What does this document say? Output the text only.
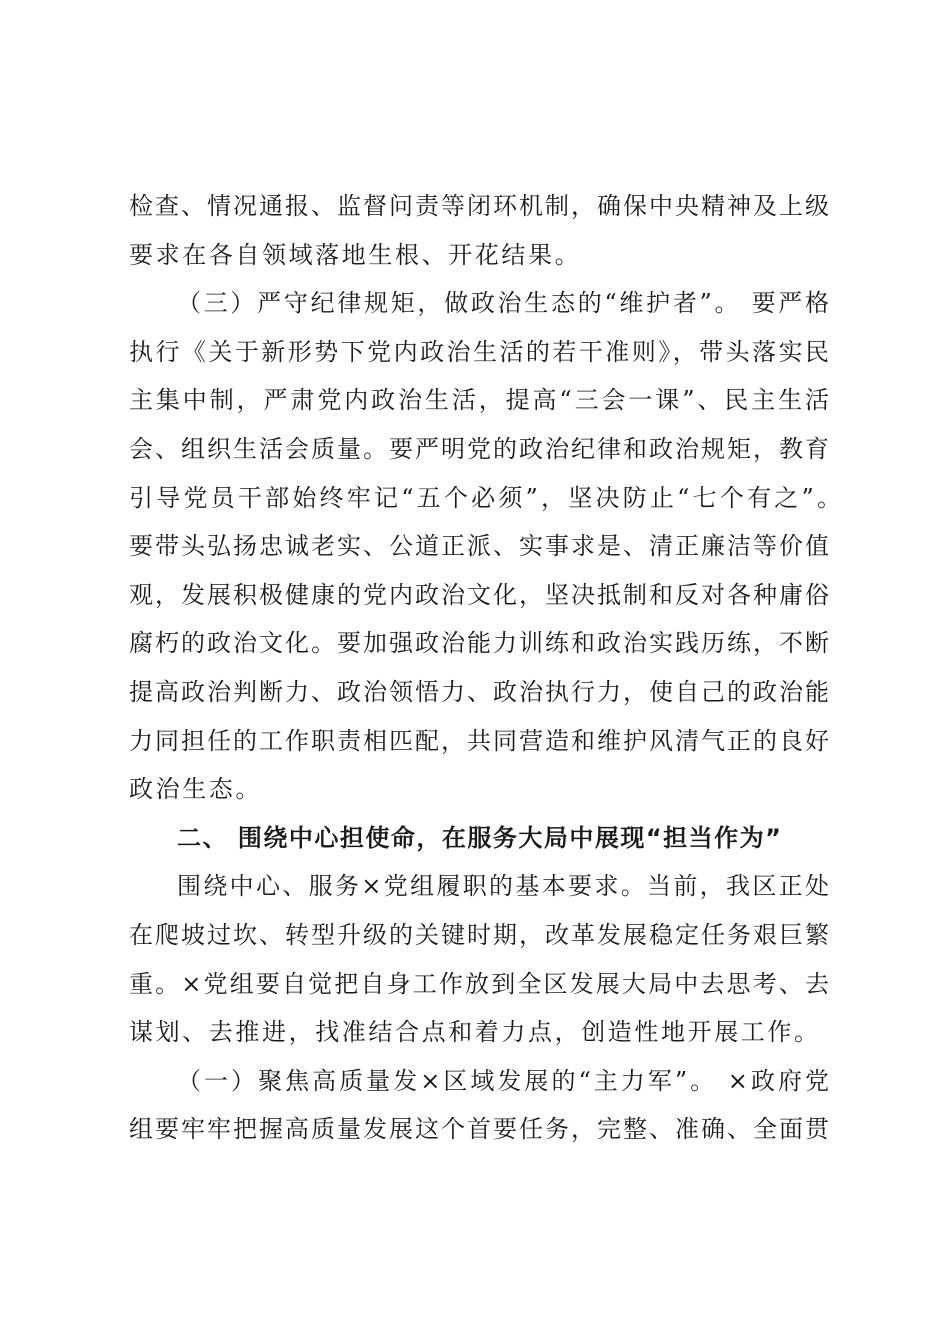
检查、情况通报、监督问责等闭环机制，确保中央精神及上级
要求在各自领域落地生根、开花结果。
（三）严守纪律规矩，做政治生态的“维护者”。 要严格
执行《关于新形势下党内政治生活的若干准则》，带头落实民
主集中制，严肃党内政治生活，提高“三会一课”、民主生活
会、组织生活会质量。要严明党的政治纪律和政治规矩，教育
引导党员干部始终牢记“五个必须”，坚决防止“七个有之”。
要带头弘扬忠诚老实、公道正派、实事求是、清正廉洁等价值
观，发展积极健康的党内政治文化，坚决抵制和反对各种庸俗
腐朽的政治文化。要加强政治能力训练和政治实践历练，不断
提高政治判断力、政治领悟力、政治执行力，使自己的政治能
力同担任的工作职责相匹配，共同营造和维护风清气正的良好
政治生态。
二、 围绕中心担使命，在服务大局中展现“担当作为”
围绕中心、服务×党组履职的基本要求。当前，我区正处
在爬坡过坎、转型升级的关键时期，改革发展稳定任务艰巨繁
重。×党组要自觉把自身工作放到全区发展大局中去思考、去
谋划、去推进，找准结合点和着力点，创造性地开展工作。
（一）聚焦高质量发×区域发展的“主力军”。 ×政府党
组要牢牢把握高质量发展这个首要任务，完整、准确、全面贯
